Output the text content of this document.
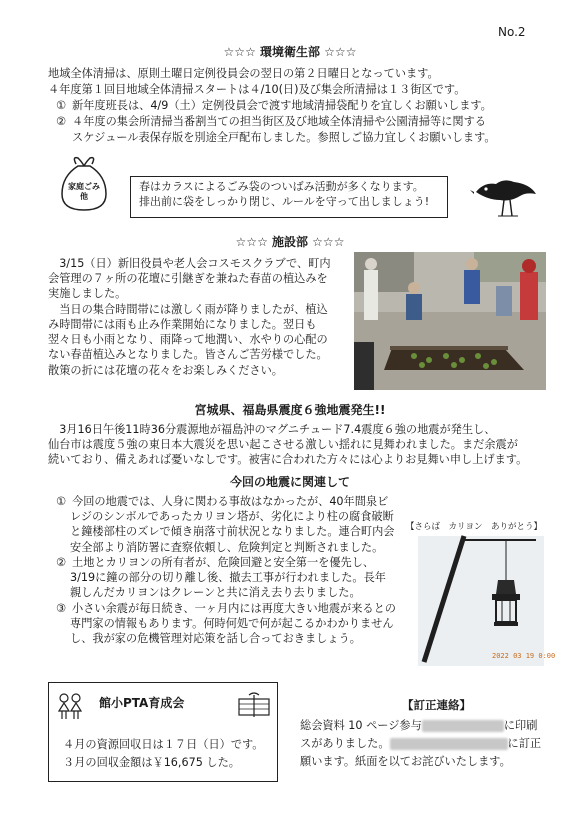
No.2
☆☆☆ 環境衛生部 ☆☆☆
地域全体清掃は、原則土曜日定例役員会の翌日の第２日曜日となっています。
４年度第１回目地域全体清掃スタートは４/10(日)及び集会所清掃は１３街区です。
① 新年度班長は、4/9（土）定例役員会で渡す地域清掃袋配りを宜しくお願いします。
② ４年度の集会所清掃当番割当ての担当街区及び地域全体清掃や公園清掃等に関する
スケジュール表保存版を別途全戸配布しました。参照しご協力宜しくお願いします。
家庭ごみ
他
春はカラスによるごみ袋のついばみ活動が多くなります。
排出前に袋をしっかり閉じ、ルールを守って出しましょう!
☆☆☆ 施設部 ☆☆☆
　3/15（日）新旧役員や老人会コスモスクラブで、町内
会管理の７ヶ所の花壇に引継ぎを兼ねた春苗の植込みを
実施しました。
　当日の集合時間帯には激しく雨が降りましたが、植込
み時間帯には雨も止み作業開始になりました。翌日も
翌々日も小雨となり、雨降って地潤い、水やりの心配の
ない春苗植込みとなりました。皆さんご苦労様でした。
散策の折には花壇の花々をお楽しみください。
宮城県、福島県震度６強地震発生!!
　3月16日午後11時36分震源地が福島沖のマグニチュード7.4震度６強の地震が発生し、
仙台市は震度５強の東日本大震災を思い起こさせる激しい揺れに見舞われました。まだ余震が
続いており、備えあれば憂いなしです。被害に合われた方々には心よりお見舞い申し上げます。
今回の地震に関連して
① 今回の地震では、人身に関わる事故はなかったが、40年間泉ビ
レジのシンボルであったカリヨン塔が、劣化により柱の腐食破断
と鐘楼部柱のズレで傾き崩落寸前状況となりました。連合町内会
安全部より消防署に査察依頼し、危険判定と判断されました。
② 土地とカリヨンの所有者が、危険回避と安全第一を優先し、
3/19に鐘の部分の切り離し後、撤去工事が行われました。長年
親しんだカリヨンはクレーンと共に消え去り去りました。
③ 小さい余震が毎日続き、一ヶ月内には再度大きい地震が来るとの
専門家の情報もあります。何時何処で何が起こるかわかりません
し、我が家の危機管理対応策を話し合っておきましょう。
【さらば　カリヨン　ありがとう】
2022 03 19 0:00
館小PTA育成会
４月の資源回収日は１７日（日）です。
３月の回収金額は￥16,675 した。
【訂正連絡】
総会資料 10 ページ参与	に印刷
スがありました。	に訂正
願います。紙面を以てお詫びいたします。
